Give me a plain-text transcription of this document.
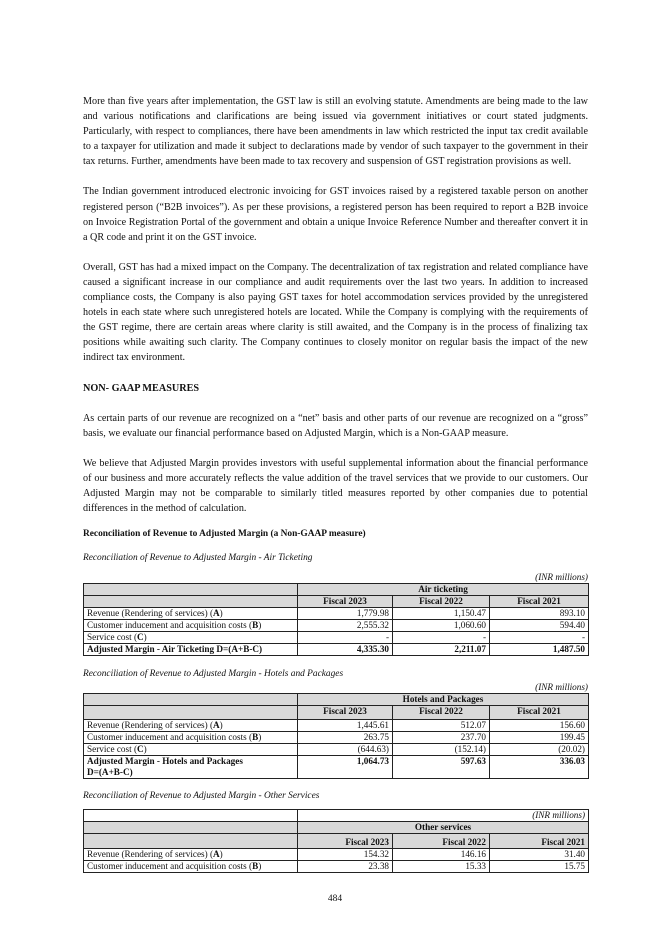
More than five years after implementation, the GST law is still an evolving statute. Amendments are being made to the law and various notifications and clarifications are being issued via government initiatives or court stated judgments. Particularly, with respect to compliances, there have been amendments in law which restricted the input tax credit available to a taxpayer for utilization and made it subject to declarations made by vendor of such taxpayer to the government in their tax returns. Further, amendments have been made to tax recovery and suspension of GST registration provisions as well.

The Indian government introduced electronic invoicing for GST invoices raised by a registered taxable person on another registered person (“B2B invoices”). As per these provisions, a registered person has been required to report a B2B invoice on Invoice Registration Portal of the government and obtain a unique Invoice Reference Number and thereafter convert it in a QR code and print it on the GST invoice.

Overall, GST has had a mixed impact on the Company. The decentralization of tax registration and related compliance have caused a significant increase in our compliance and audit requirements over the last two years. In addition to increased compliance costs, the Company is also paying GST taxes for hotel accommodation services provided by the unregistered hotels in each state where such unregistered hotels are located. While the Company is complying with the requirements of the GST regime, there are certain areas where clarity is still awaited, and the Company is in the process of finalizing tax positions while awaiting such clarity. The Company continues to closely monitor on regular basis the impact of the new indirect tax environment.

NON- GAAP MEASURES

As certain parts of our revenue are recognized on a “net” basis and other parts of our revenue are recognized on a “gross” basis, we evaluate our financial performance based on Adjusted Margin, which is a Non-GAAP measure.

We believe that Adjusted Margin provides investors with useful supplemental information about the financial performance of our business and more accurately reflects the value addition of the travel services that we provide to our customers. Our Adjusted Margin may not be comparable to similarly titled measures reported by other companies due to potential differences in the method of calculation.

Reconciliation of Revenue to Adjusted Margin (a Non-GAAP measure)

Reconciliation of Revenue to Adjusted Margin - Air Ticketing

(INR millions)
	Air ticketing		
	Fiscal 2023	Fiscal 2022	Fiscal 2021
Revenue (Rendering of services) (A)	1,779.98	1,150.47	893.10
Customer inducement and acquisition costs (B)	2,555.32	1,060.60	594.40
Service cost (C)	-	-	-
Adjusted Margin - Air Ticketing D=(A+B-C)	4,335.30	2,211.07	1,487.50

Reconciliation of Revenue to Adjusted Margin - Hotels and Packages

(INR millions)
	Hotels and Packages		
	Fiscal 2023	Fiscal 2022	Fiscal 2021
Revenue (Rendering of services) (A)	1,445.61	512.07	156.60
Customer inducement and acquisition costs (B)	263.75	237.70	199.45
Service cost (C)	(644.63)	(152.14)	(20.02)
Adjusted Margin - Hotels and Packages
D=(A+B-C)	1,064.73	597.63	336.03

Reconciliation of Revenue to Adjusted Margin - Other Services

	(INR millions)		
	Other services		
	Fiscal 2023	Fiscal 2022	Fiscal 2021
Revenue (Rendering of services) (A)	154.32	146.16	31.40
Customer inducement and acquisition costs (B)	23.38	15.33	15.75
484
